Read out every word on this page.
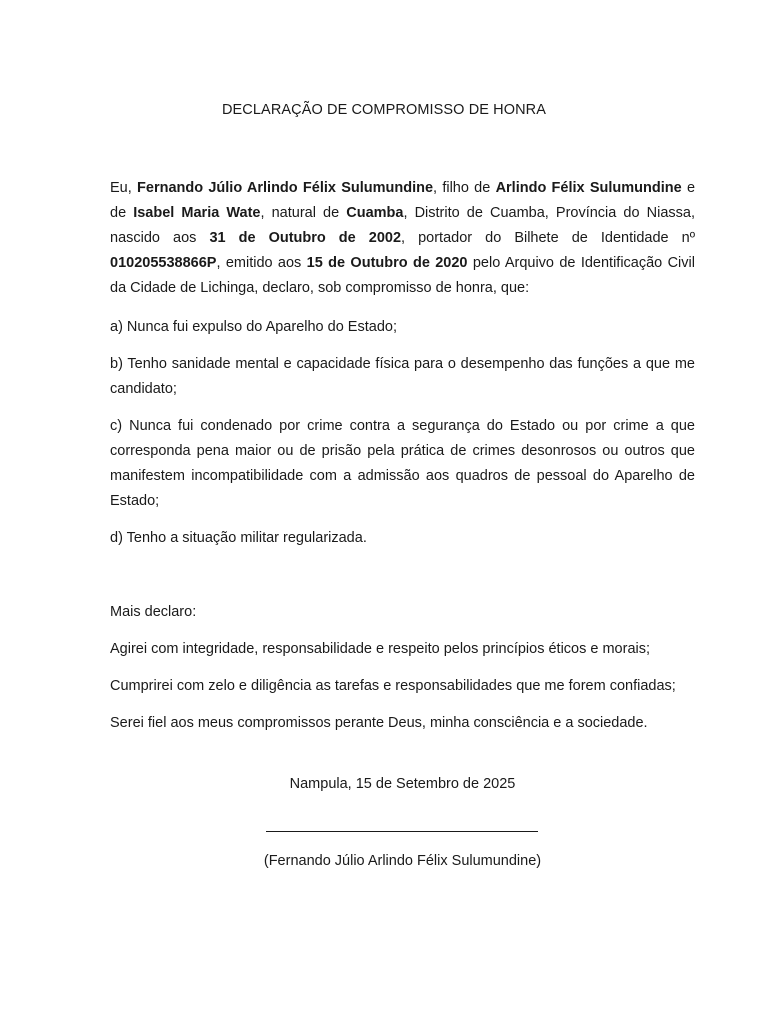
DECLARAÇÃO DE COMPROMISSO DE HONRA

Eu, Fernando Júlio Arlindo Félix Sulumundine, filho de Arlindo Félix Sulumundine e de Isabel Maria Wate, natural de Cuamba, Distrito de Cuamba, Província do Niassa, nascido aos 31 de Outubro de 2002, portador do Bilhete de Identidade nº 010205538866P, emitido aos 15 de Outubro de 2020 pelo Arquivo de Identificação Civil da Cidade de Lichinga, declaro, sob compromisso de honra, que:

a) Nunca fui expulso do Aparelho do Estado;

b) Tenho sanidade mental e capacidade física para o desempenho das funções a que me candidato;

c) Nunca fui condenado por crime contra a segurança do Estado ou por crime a que corresponda pena maior ou de prisão pela prática de crimes desonrosos ou outros que manifestem incompatibilidade com a admissão aos quadros de pessoal do Aparelho de Estado;

d) Tenho a situação militar regularizada.

Mais declaro:

Agirei com integridade, responsabilidade e respeito pelos princípios éticos e morais;

Cumprirei com zelo e diligência as tarefas e responsabilidades que me forem confiadas;

Serei fiel aos meus compromissos perante Deus, minha consciência e a sociedade.

Nampula, 15 de Setembro de 2025
(Fernando Júlio Arlindo Félix Sulumundine)
